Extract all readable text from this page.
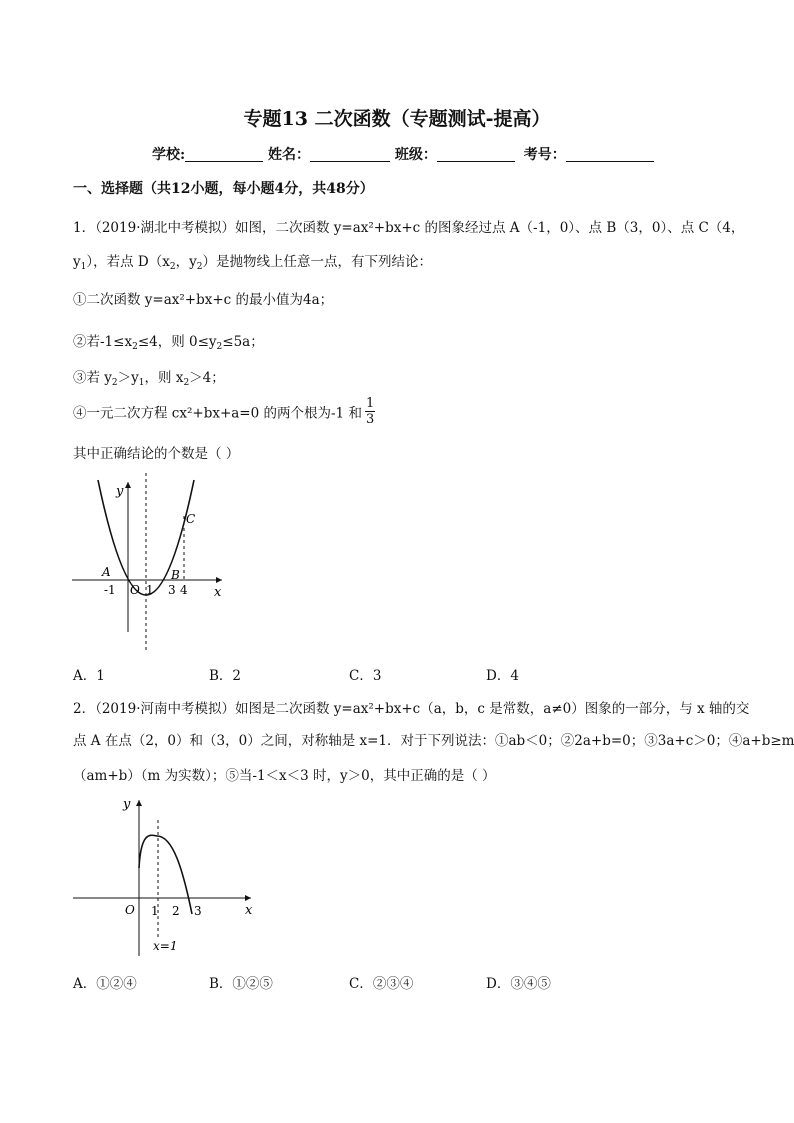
专题13 二次函数（专题测试-提高）
学校:	姓名：	班级：	考号：
一、选择题（共12小题，每小题4分，共48分）
1．（2019·湖北中考模拟）如图，二次函数 y=ax²+bx+c 的图象经过点 A（-1，0）、点 B（3，0）、点 C（4，
$y_1$），若点 $D(x_2$，$y_2$）是抛物线上任意一点，有下列结论：
①二次函数 y=ax²+bx+c 的最小值为4a；
②若$-1\le x_2\le 4$，则 $0\le y_2\le 5a$；
③若 $y_2>y_1$，则 $x_2>4$；
④一元二次方程 cx²+bx+a=0 的两个根为-1 和 $\frac{1}{3}$
其中正确结论的个数是（ ）
y
x
O
A	B
C
-1	1 3 4
A．1	B．2	C．3	D．4
2．（2019·河南中考模拟）如图是二次函数 y=ax²+bx+c（a，b，c 是常数，a≠0）图象的一部分，与 x 轴的交
点 A 在点（2，0）和（3，0）之间，对称轴是 x=1．对于下列说法：①ab＜0；②2a+b=0；③3a+c＞0；④a+b≥m
（am+b）（m 为实数）；⑤当-1＜x＜3 时，y＞0，其中正确的是（ ）
y
x
O 1 2 3
x=1
A．①②④	B．①②⑤	C．②③④	D．③④⑤
